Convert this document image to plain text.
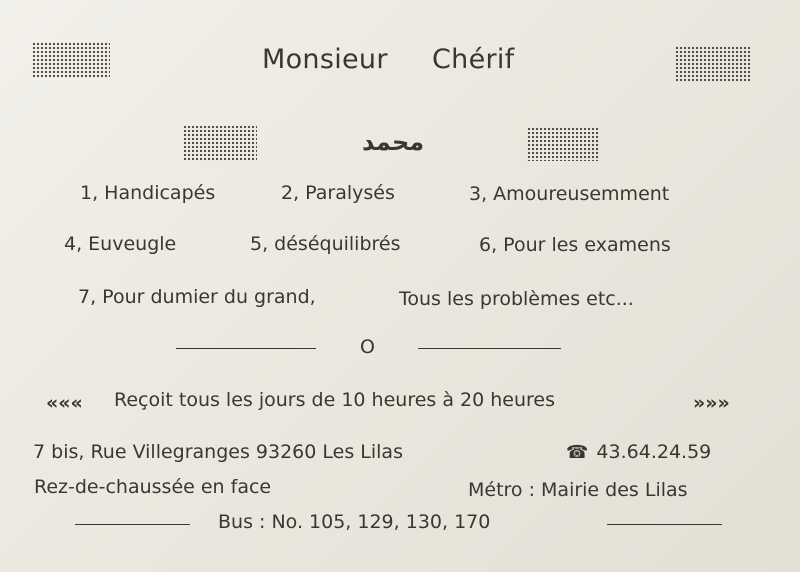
Monsieur Chérif
محمد
1, Handicapés	2, Paralysés	3, Amoureusemment
4, Euveugle	5, déséquilibrés	6, Pour les examens
7, Pour dumier du grand,	Tous les problèmes etc...
O
««« Reçoit tous les jours de 10 heures à 20 heures	»»»
7 bis, Rue Villegranges 93260 Les Lilas	☎ 43.64.24.59
Rez-de-chaussée en face	Métro : Mairie des Lilas
Bus : No. 105, 129, 130, 170
